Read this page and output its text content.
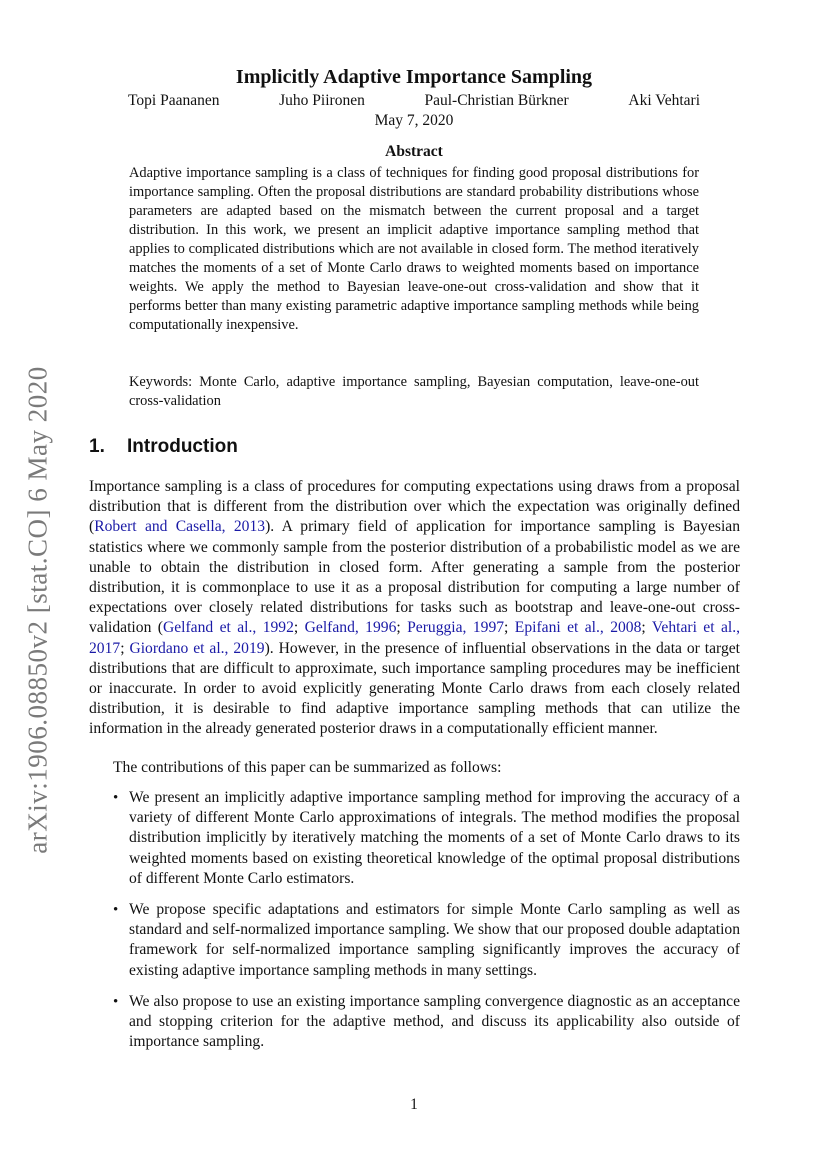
arXiv:1906.08850v2 [stat.CO] 6 May 2020
Implicitly Adaptive Importance Sampling
Topi Paananen	Juho Piironen	Paul-Christian Bürkner	Aki Vehtari
May 7, 2020
Abstract

Adaptive importance sampling is a class of techniques for finding good proposal distributions for importance sampling. Often the proposal distributions are standard probability distributions whose parameters are adapted based on the mismatch between the current proposal and a target distribution. In this work, we present an implicit adaptive importance sampling method that applies to complicated distributions which are not available in closed form. The method iteratively matches the moments of a set of Monte Carlo draws to weighted moments based on importance weights. We apply the method to Bayesian leave-one-out cross-validation and show that it performs better than many existing parametric adaptive importance sampling methods while being computationally inexpensive.

Keywords: Monte Carlo, adaptive importance sampling, Bayesian computation, leave-one-out cross-validation

1. Introduction

Importance sampling is a class of procedures for computing expectations using draws from a proposal distribution that is different from the distribution over which the expectation was originally defined (Robert and Casella, 2013). A primary field of application for importance sampling is Bayesian statistics where we commonly sample from the posterior distribution of a probabilistic model as we are unable to obtain the distribution in closed form. After generating a sample from the posterior distribution, it is commonplace to use it as a proposal distribution for computing a large number of expectations over closely related distributions for tasks such as bootstrap and leave-one-out cross-validation (Gelfand et al., 1992; Gelfand, 1996; Peruggia, 1997; Epifani et al., 2008; Vehtari et al., 2017; Giordano et al., 2019). However, in the presence of influential observations in the data or target distributions that are difficult to approximate, such importance sampling procedures may be inefficient or inaccurate. In order to avoid explicitly generating Monte Carlo draws from each closely related distribution, it is desirable to find adaptive importance sampling methods that can utilize the information in the already generated posterior draws in a computationally efficient manner.

The contributions of this paper can be summarized as follows:

• We present an implicitly adaptive importance sampling method for improving the accuracy of a variety of different Monte Carlo approximations of integrals. The method modifies the proposal distribution implicitly by iteratively matching the moments of a set of Monte Carlo draws to its weighted moments based on existing theoretical knowledge of the optimal proposal distributions of different Monte Carlo estimators.
• We propose specific adaptations and estimators for simple Monte Carlo sampling as well as standard and self-normalized importance sampling. We show that our proposed double adaptation framework for self-normalized importance sampling significantly improves the accuracy of existing adaptive importance sampling methods in many settings.
• We also propose to use an existing importance sampling convergence diagnostic as an acceptance and stopping criterion for the adaptive method, and discuss its applicability also outside of importance sampling.
1
